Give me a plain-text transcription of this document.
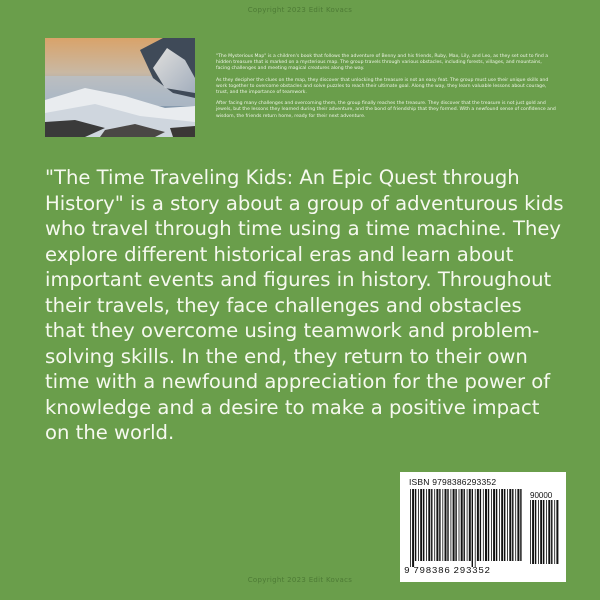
Copyright 2023 Edit Kovacs

"The Mysterious Map" is a children's book that follows the adventure of Benny and his friends, Ruby, Max, Lily, and Leo, as they set out to find a hidden treasure that is marked on a mysterious map. The group travels through various obstacles, including forests, villages, and mountains, facing challenges and meeting magical creatures along the way.

As they decipher the clues on the map, they discover that unlocking the treasure is not an easy feat. The group must use their unique skills and work together to overcome obstacles and solve puzzles to reach their ultimate goal. Along the way, they learn valuable lessons about courage, trust, and the importance of teamwork.

After facing many challenges and overcoming them, the group finally reaches the treasure. They discover that the treasure is not just gold and jewels, but the lessons they learned during their adventure, and the bond of friendship that they formed. With a newfound sense of confidence and wisdom, the friends return home, ready for their next adventure.

"The Time Traveling Kids: An Epic Quest through History" is a story about a group of adventurous kids who travel through time using a time machine. They explore different historical eras and learn about important events and figures in history. Throughout their travels, they face challenges and obstacles that they overcome using teamwork and problem-solving skills. In the end, they return to their own time with a newfound appreciation for the power of knowledge and a desire to make a positive impact on the world.

ISBN 9798386293352
90000
9 798386 293352
Copyright 2023 Edit Kovacs
